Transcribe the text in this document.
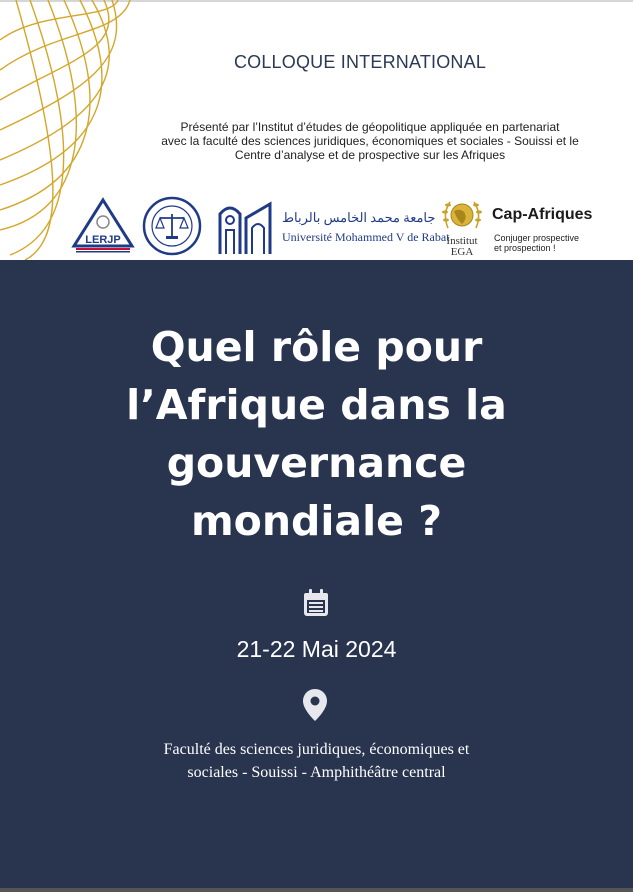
COLLOQUE INTERNATIONAL
Présenté par l’Institut d’études de géopolitique appliquée en partenariat
avec la faculté des sciences juridiques, économiques et sociales - Souissi et le
Centre d’analyse et de prospective sur les Afriques
LERJP
جامعة محمد الخامس بالرباط
Université Mohammed V de Rabat
Institut
EGA
Cap-Afriques
Conjuger prospective
et prospection !
Quel rôle pour
l’Afrique dans la
gouvernance
mondiale ?
21-22 Mai 2024
Faculté des sciences juridiques, économiques et
sociales - Souissi - Amphithéâtre central
